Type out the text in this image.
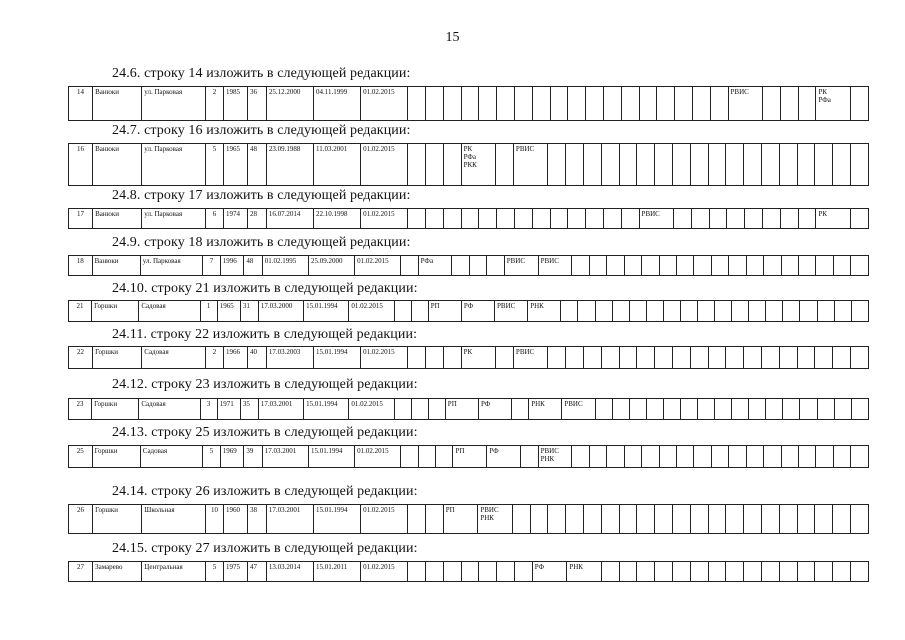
15
24.6. строку 14 изложить в следующей редакции:
14	Ванюки	ул. Парковая	2	1985	36	25.12.2000	04.11.1999	01.02.2015																			РВИС				РК
РФа	
24.7. строку 16 изложить в следующей редакции:
16	Ванюки	ул. Парковая	5	1965	48	23.09.1988	11.03.2001	01.02.2015				РК
РФа
РКК		РВИС																		
24.8. строку 17 изложить в следующей редакции:
17	Ванюки	ул. Парковая	6	1974	28	16.07.2014	22.10.1998	01.02.2015														РВИС									РК	
24.9. строку 18 изложить в следующей редакции:
18	Ванюки	ул. Парковая	7	1996	48	01.02.1995	25.09.2000	01.02.2015		РФа				РВИС	РВИС																	
24.10. строку 21 изложить в следующей редакции:
21	Горшки	Садовая	1	1965	31	17.03.2000	15.01.1994	01.02.2015			РП	РФ	РВИС	РНК																		
24.11. строку 22 изложить в следующей редакции:
22	Горшки	Садовая	2	1966	40	17.03.2003	15.01.1994	01.02.2015				РК		РВИС																		
24.12. строку 23 изложить в следующей редакции:
23	Горшки	Садовая	3	1971	35	17.03.2001	15.01.1994	01.02.2015				РП	РФ		РНК	РВИС																
24.13. строку 25 изложить в следующей редакции:
25	Горшки	Садовая	5	1969	39	17.03.2001	15.01.1994	01.02.2015				РП	РФ		РВИС
РНК																	
24.14. строку 26 изложить в следующей редакции:
26	Горшки	Школьная	10	1960	38	17.03.2001	15.01.1994	01.02.2015			РП	РВИС
РНК																				
24.15. строку 27 изложить в следующей редакции:
27	Замарево	Центральная	5	1975	47	13.03.2014	15.01.2011	01.02.2015								РФ	РНК															
